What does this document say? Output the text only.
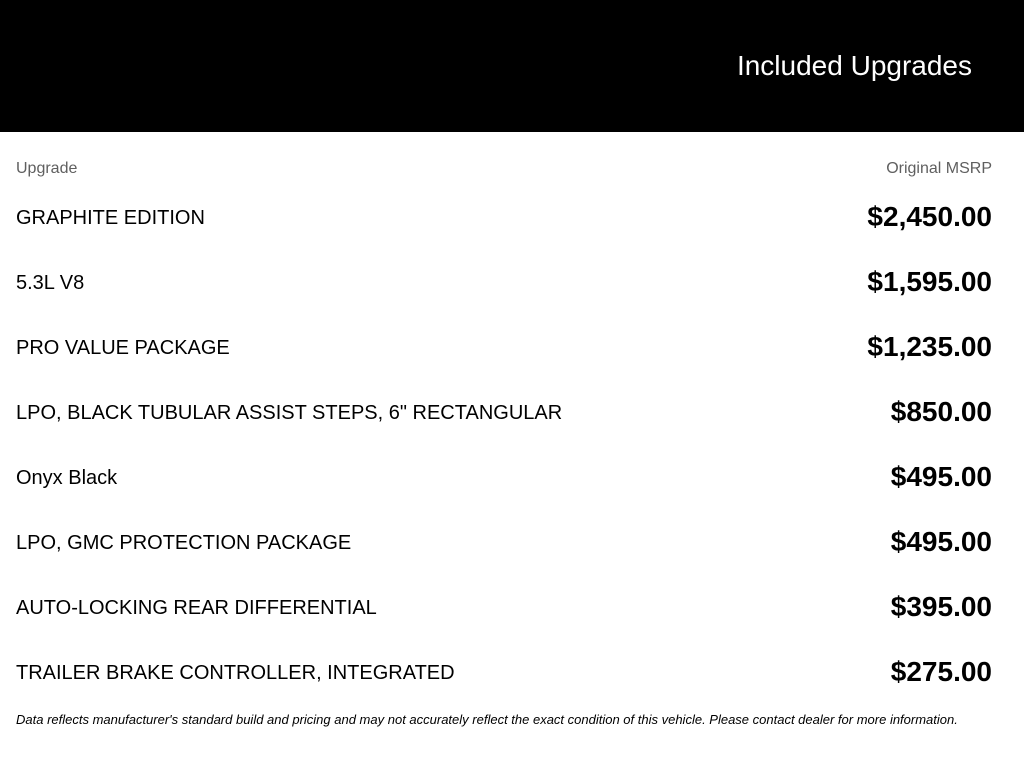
Included Upgrades
Upgrade	Original MSRP
GRAPHITE EDITION	$2,450.00
5.3L V8	$1,595.00
PRO VALUE PACKAGE	$1,235.00
LPO, BLACK TUBULAR ASSIST STEPS, 6" RECTANGULAR	$850.00
Onyx Black	$495.00
LPO, GMC PROTECTION PACKAGE	$495.00
AUTO-LOCKING REAR DIFFERENTIAL	$395.00
TRAILER BRAKE CONTROLLER, INTEGRATED	$275.00
Data reflects manufacturer's standard build and pricing and may not accurately reflect the exact condition of this vehicle. Please contact dealer for more information.
